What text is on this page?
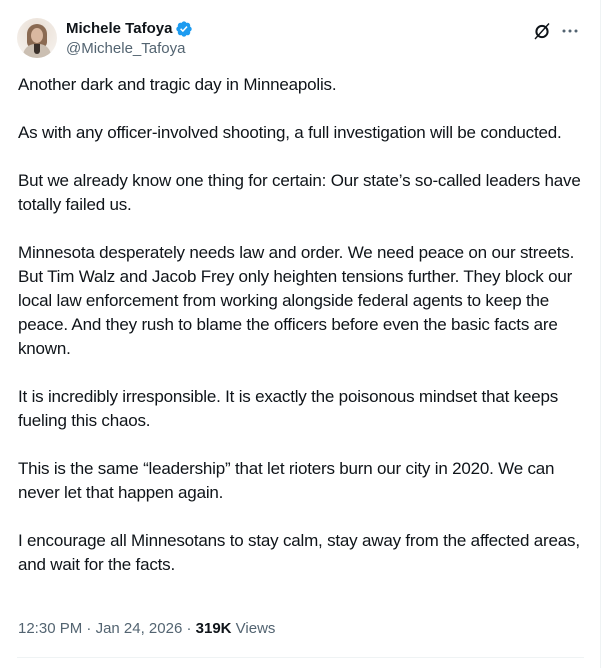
Michele Tafoya
@Michele_Tafoya

Another dark and tragic day in Minneapolis.

As with any officer-involved shooting, a full investigation will be conducted.

But we already know one thing for certain: Our state’s so-called leaders have totally failed us.

Minnesota desperately needs law and order. We need peace on our streets. But Tim Walz and Jacob Frey only heighten tensions further. They block our local law enforcement from working alongside federal agents to keep the peace. And they rush to blame the officers before even the basic facts are known.

It is incredibly irresponsible. It is exactly the poisonous mindset that keeps fueling this chaos.

This is the same “leadership” that let rioters burn our city in 2020. We can never let that happen again.

I encourage all Minnesotans to stay calm, stay away from the affected areas, and wait for the facts.

12:30 PM · Jan 24, 2026 · 319K Views
